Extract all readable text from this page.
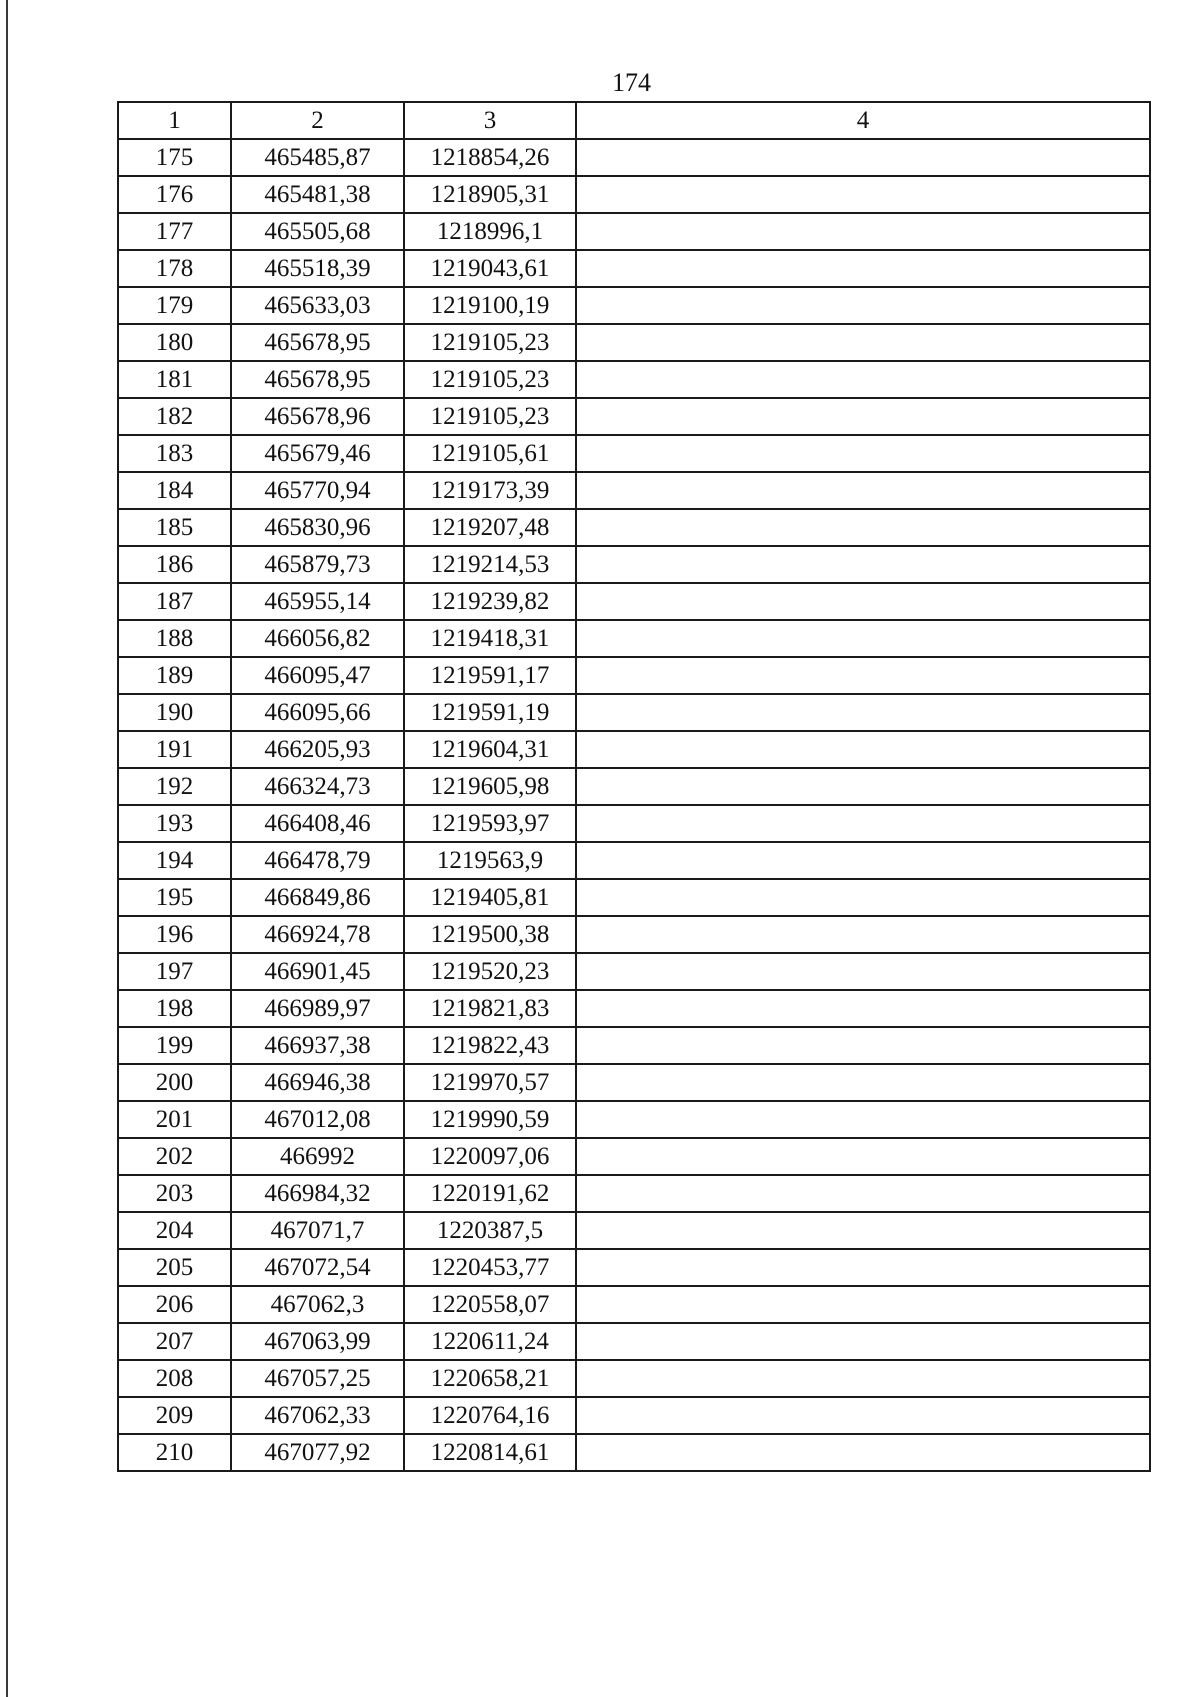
174
1	2	3	4
175	465485,87	1218854,26	
176	465481,38	1218905,31	
177	465505,68	1218996,1	
178	465518,39	1219043,61	
179	465633,03	1219100,19	
180	465678,95	1219105,23	
181	465678,95	1219105,23	
182	465678,96	1219105,23	
183	465679,46	1219105,61	
184	465770,94	1219173,39	
185	465830,96	1219207,48	
186	465879,73	1219214,53	
187	465955,14	1219239,82	
188	466056,82	1219418,31	
189	466095,47	1219591,17	
190	466095,66	1219591,19	
191	466205,93	1219604,31	
192	466324,73	1219605,98	
193	466408,46	1219593,97	
194	466478,79	1219563,9	
195	466849,86	1219405,81	
196	466924,78	1219500,38	
197	466901,45	1219520,23	
198	466989,97	1219821,83	
199	466937,38	1219822,43	
200	466946,38	1219970,57	
201	467012,08	1219990,59	
202	466992	1220097,06	
203	466984,32	1220191,62	
204	467071,7	1220387,5	
205	467072,54	1220453,77	
206	467062,3	1220558,07	
207	467063,99	1220611,24	
208	467057,25	1220658,21	
209	467062,33	1220764,16	
210	467077,92	1220814,61	
